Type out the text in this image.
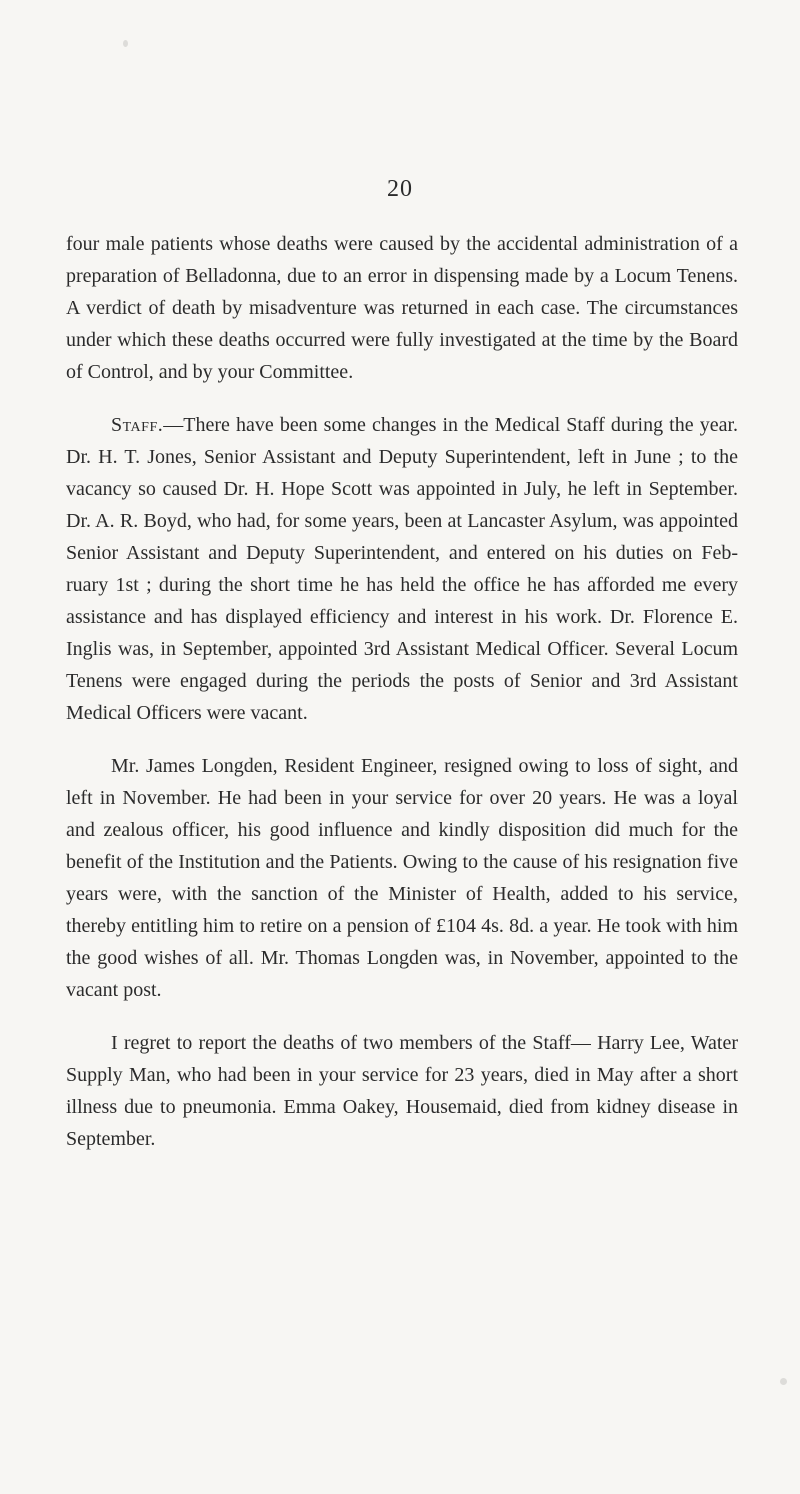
20

four male patients whose deaths were caused by the accidental administration of a preparation of Belladonna, due to an error in dispensing made by a Locum Tenens. A verdict of death by misadventure was returned in each case. The circumstances under which these deaths occurred were fully investigated at the time by the Board of Control, and by your Committee.

Staff.—There have been some changes in the Medical Staff during the year. Dr. H. T. Jones, Senior Assistant and Deputy Superintendent, left in June ; to the vacancy so caused Dr. H. Hope Scott was appointed in July, he left in September. Dr. A. R. Boyd, who had, for some years, been at Lancaster Asylum, was appointed Senior Assistant and Deputy Superintendent, and entered on his duties on Feb- ruary 1st ; during the short time he has held the office he has afforded me every assistance and has displayed efficiency and interest in his work. Dr. Florence E. Inglis was, in September, appointed 3rd Assistant Medical Officer. Several Locum Tenens were engaged during the periods the posts of Senior and 3rd Assistant Medical Officers were vacant.

Mr. James Longden, Resident Engineer, resigned owing to loss of sight, and left in November. He had been in your service for over 20 years. He was a loyal and zealous officer, his good influence and kindly disposition did much for the benefit of the Institution and the Patients. Owing to the cause of his resignation five years were, with the sanction of the Minister of Health, added to his service, thereby entitling him to retire on a pension of £104 4s. 8d. a year. He took with him the good wishes of all. Mr. Thomas Longden was, in November, appointed to the vacant post.

I regret to report the deaths of two members of the Staff— Harry Lee, Water Supply Man, who had been in your service for 23 years, died in May after a short illness due to pneumonia. Emma Oakey, Housemaid, died from kidney disease in September.
